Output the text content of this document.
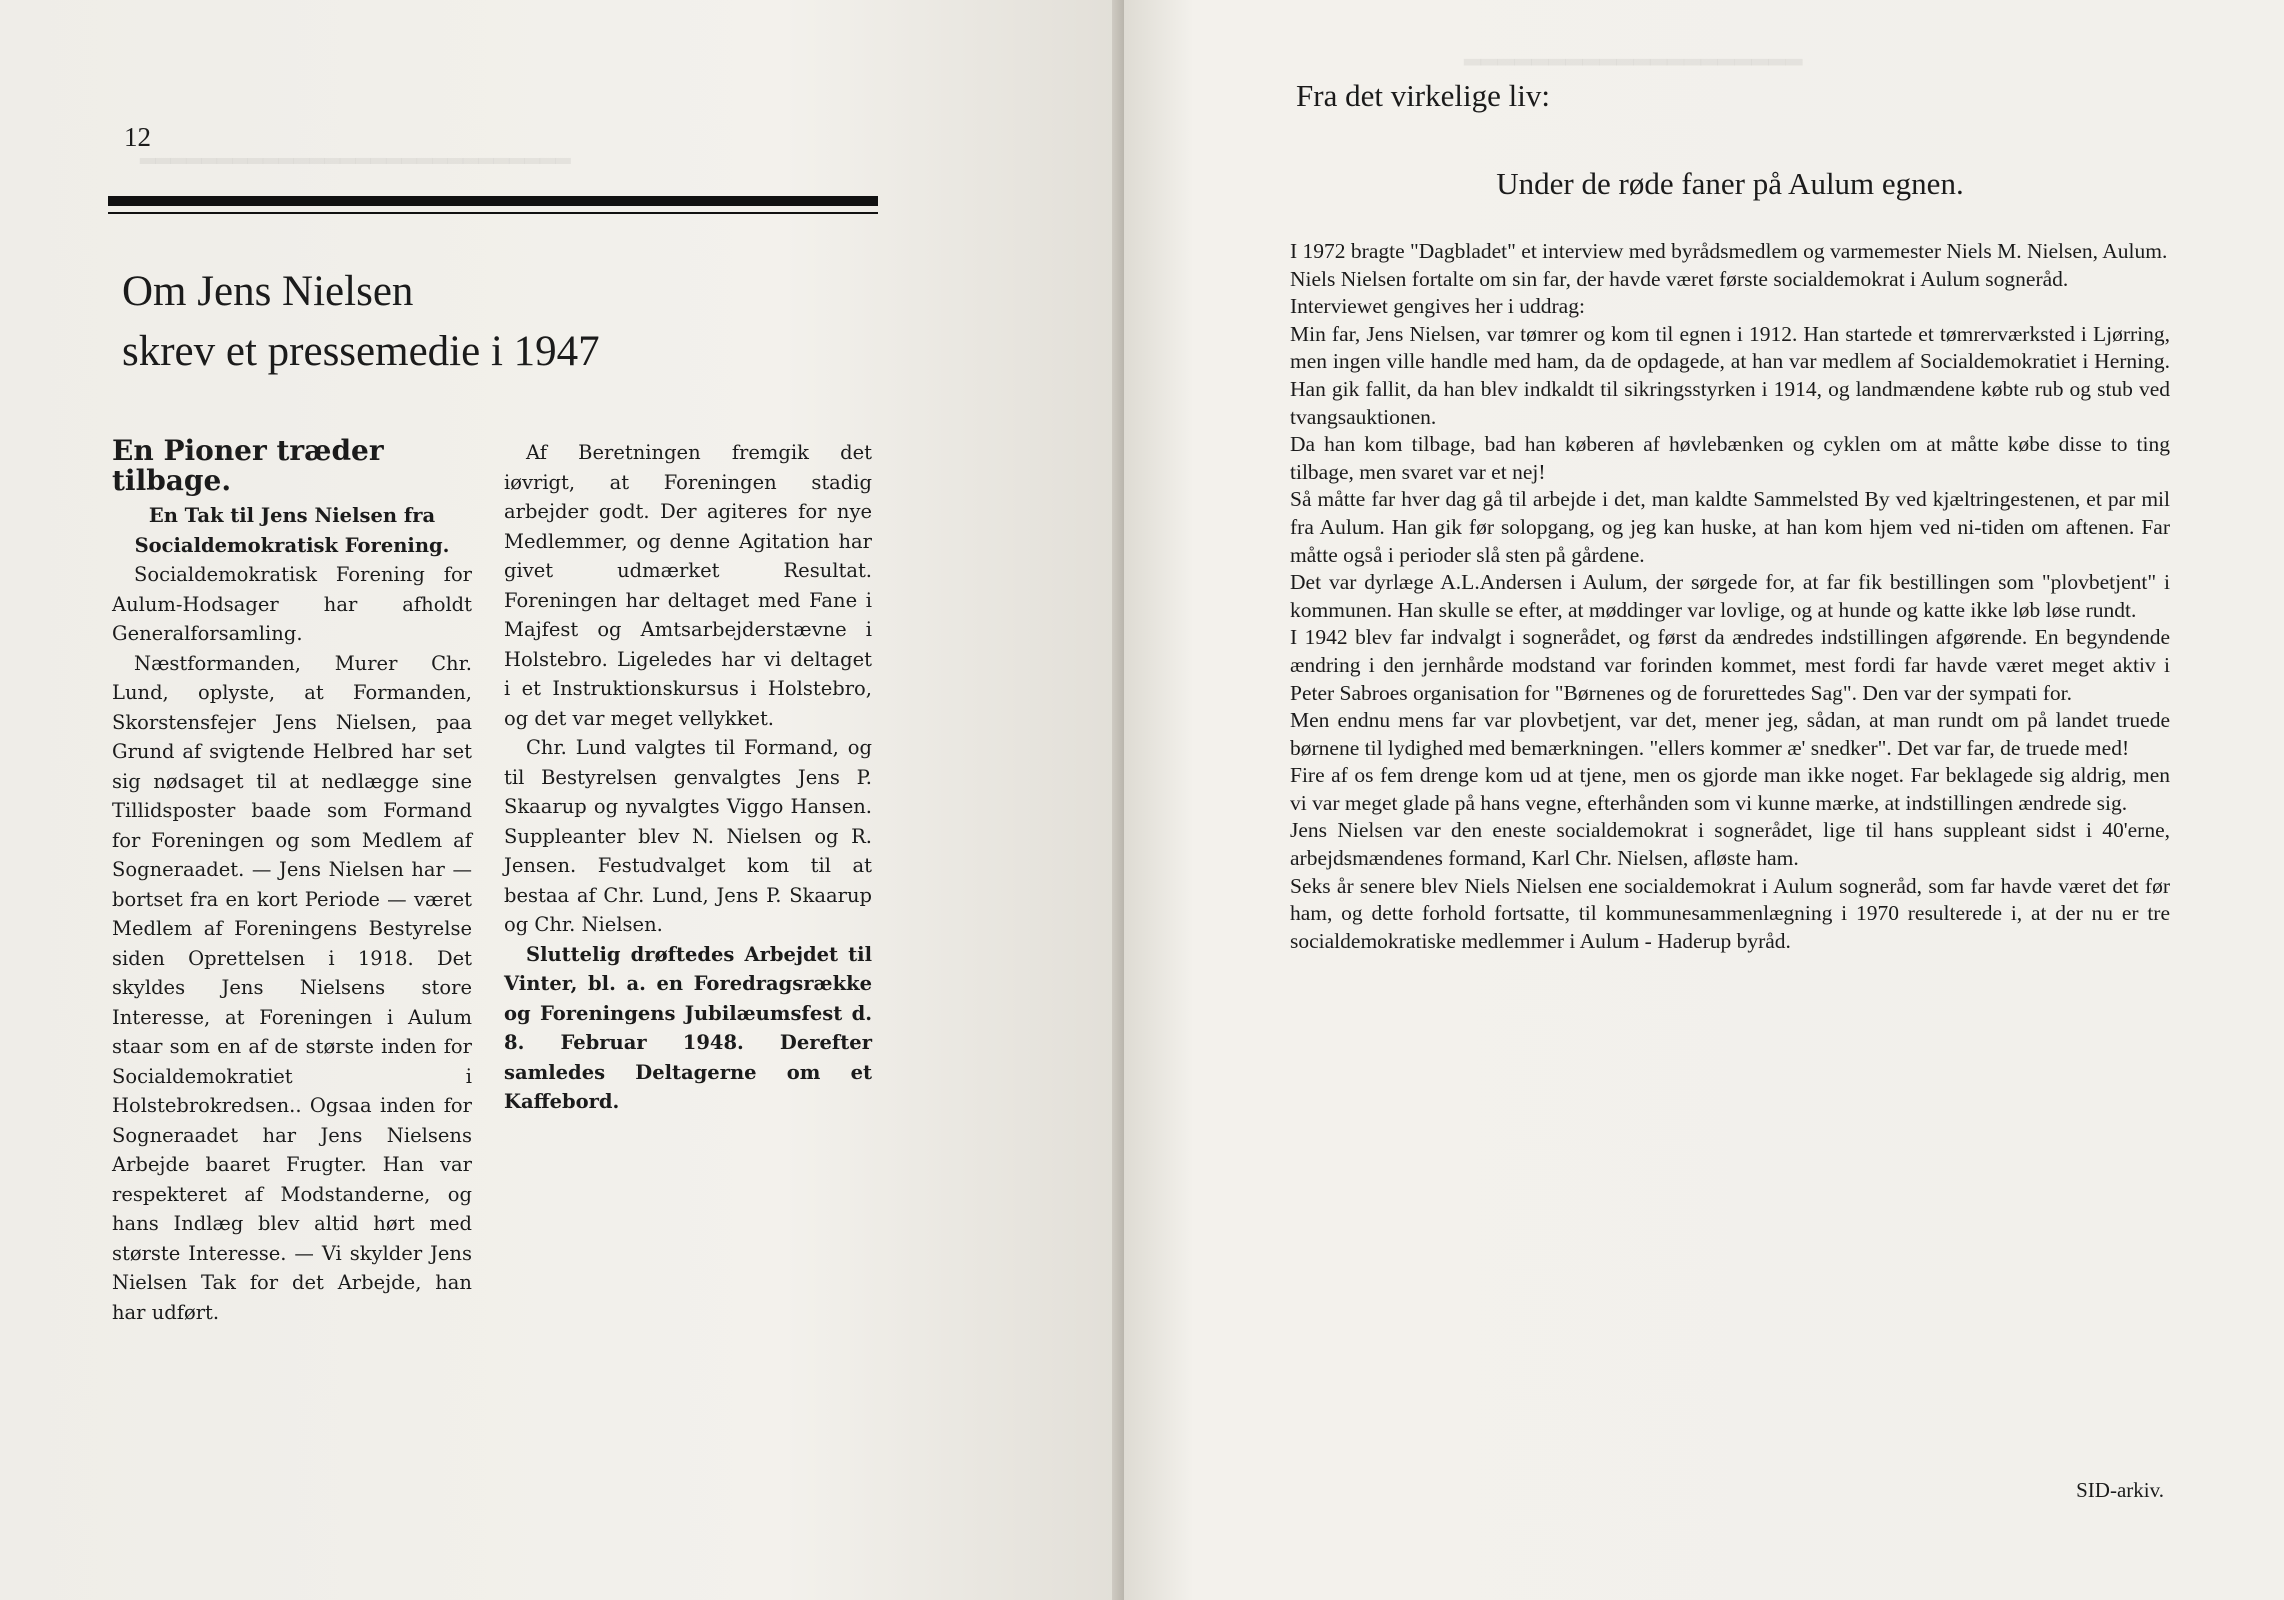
▂▂▂▂▂▂▂▂▂▂▂▂▂▂▂▂▂▂▂▂▂▂▂▂▂▂▂▂
12
Om Jens Nielsen
skrev et pressemedie i 1947
En Pioner træder tilbage.

En Tak til Jens Nielsen fra

Socialdemokratisk Forening.

Socialdemokratisk Forening for Aulum-Hodsager har afholdt Generalforsamling.

Næstformanden, Murer Chr. Lund, oplyste, at Formanden, Skorstensfejer Jens Nielsen, paa Grund af svigtende Helbred har set sig nødsaget til at nedlægge sine Tillidsposter baade som Formand for Foreningen og som Medlem af Sogneraadet. — Jens Nielsen har — bortset fra en kort Periode — været Medlem af Foreningens Bestyrelse siden Oprettelsen i 1918. Det skyldes Jens Nielsens store Interesse, at Foreningen i Aulum staar som en af de største inden for Socialdemokratiet i Holstebrokredsen.. Ogsaa inden for Sogneraadet har Jens Nielsens Arbejde baaret Frugter. Han var respekteret af Modstanderne, og hans Indlæg blev altid hørt med største Interesse. — Vi skylder Jens Nielsen Tak for det Arbejde, han har udført.

Af Beretningen fremgik det iøvrigt, at Foreningen stadig arbejder godt. Der agiteres for nye Medlemmer, og denne Agitation har givet udmærket Resultat. Foreningen har deltaget med Fane i Majfest og Amtsarbejderstævne i Holstebro. Ligeledes har vi deltaget i et Instruktionskursus i Holstebro, og det var meget vellykket.

Chr. Lund valgtes til Formand, og til Bestyrelsen genvalgtes Jens P. Skaarup og nyvalgtes Viggo Hansen. Suppleanter blev N. Nielsen og R. Jensen. Festudvalget kom til at bestaa af Chr. Lund, Jens P. Skaarup og Chr. Nielsen.

Sluttelig drøftedes Arbejdet til Vinter, bl. a. en Foredragsrække og Foreningens Jubilæumsfest d. 8. Februar 1948. Derefter samledes Deltagerne om et Kaffebord.

▂▂▂▂▂▂▂▂▂▂▂▂▂▂▂▂▂▂▂▂
Fra det virkelige liv:
Under de røde faner på Aulum egnen.

I 1972 bragte "Dagbladet" et interview med byrådsmedlem og varmemester Niels M. Nielsen, Aulum.

Niels Nielsen fortalte om sin far, der havde været første socialdemokrat i Aulum sogneråd.

Interviewet gengives her i uddrag:

Min far, Jens Nielsen, var tømrer og kom til egnen i 1912. Han startede et tømrerværksted i Ljørring, men ingen ville handle med ham, da de opdagede, at han var medlem af Socialdemokratiet i Herning. Han gik fallit, da han blev indkaldt til sikringsstyrken i 1914, og landmændene købte rub og stub ved tvangsauktionen.

Da han kom tilbage, bad han køberen af høvlebænken og cyklen om at måtte købe disse to ting tilbage, men svaret var et nej!

Så måtte far hver dag gå til arbejde i det, man kaldte Sammelsted By ved kjæltringestenen, et par mil fra Aulum. Han gik før solopgang, og jeg kan huske, at han kom hjem ved ni-tiden om aftenen. Far måtte også i perioder slå sten på gårdene.

Det var dyrlæge A.L.Andersen i Aulum, der sørgede for, at far fik bestillingen som "plovbetjent" i kommunen. Han skulle se efter, at møddinger var lovlige, og at hunde og katte ikke løb løse rundt.

I 1942 blev far indvalgt i sognerådet, og først da ændredes indstillingen afgørende. En begyndende ændring i den jernhårde modstand var forinden kommet, mest fordi far havde været meget aktiv i Peter Sabroes organisation for "Børnenes og de forurettedes Sag". Den var der sympati for.

Men endnu mens far var plovbetjent, var det, mener jeg, sådan, at man rundt om på landet truede børnene til lydighed med bemærkningen. "ellers kommer æ' snedker". Det var far, de truede med!

Fire af os fem drenge kom ud at tjene, men os gjorde man ikke noget. Far beklagede sig aldrig, men vi var meget glade på hans vegne, efterhånden som vi kunne mærke, at indstillingen ændrede sig.

Jens Nielsen var den eneste socialdemokrat i sognerådet, lige til hans suppleant sidst i 40'erne, arbejdsmændenes formand, Karl Chr. Nielsen, afløste ham.

Seks år senere blev Niels Nielsen ene socialdemokrat i Aulum sogneråd, som far havde været det før ham, og dette forhold fortsatte, til kommunesammenlægning i 1970 resulterede i, at der nu er tre socialdemokratiske medlemmer i Aulum - Haderup byråd.

SID-arkiv.
